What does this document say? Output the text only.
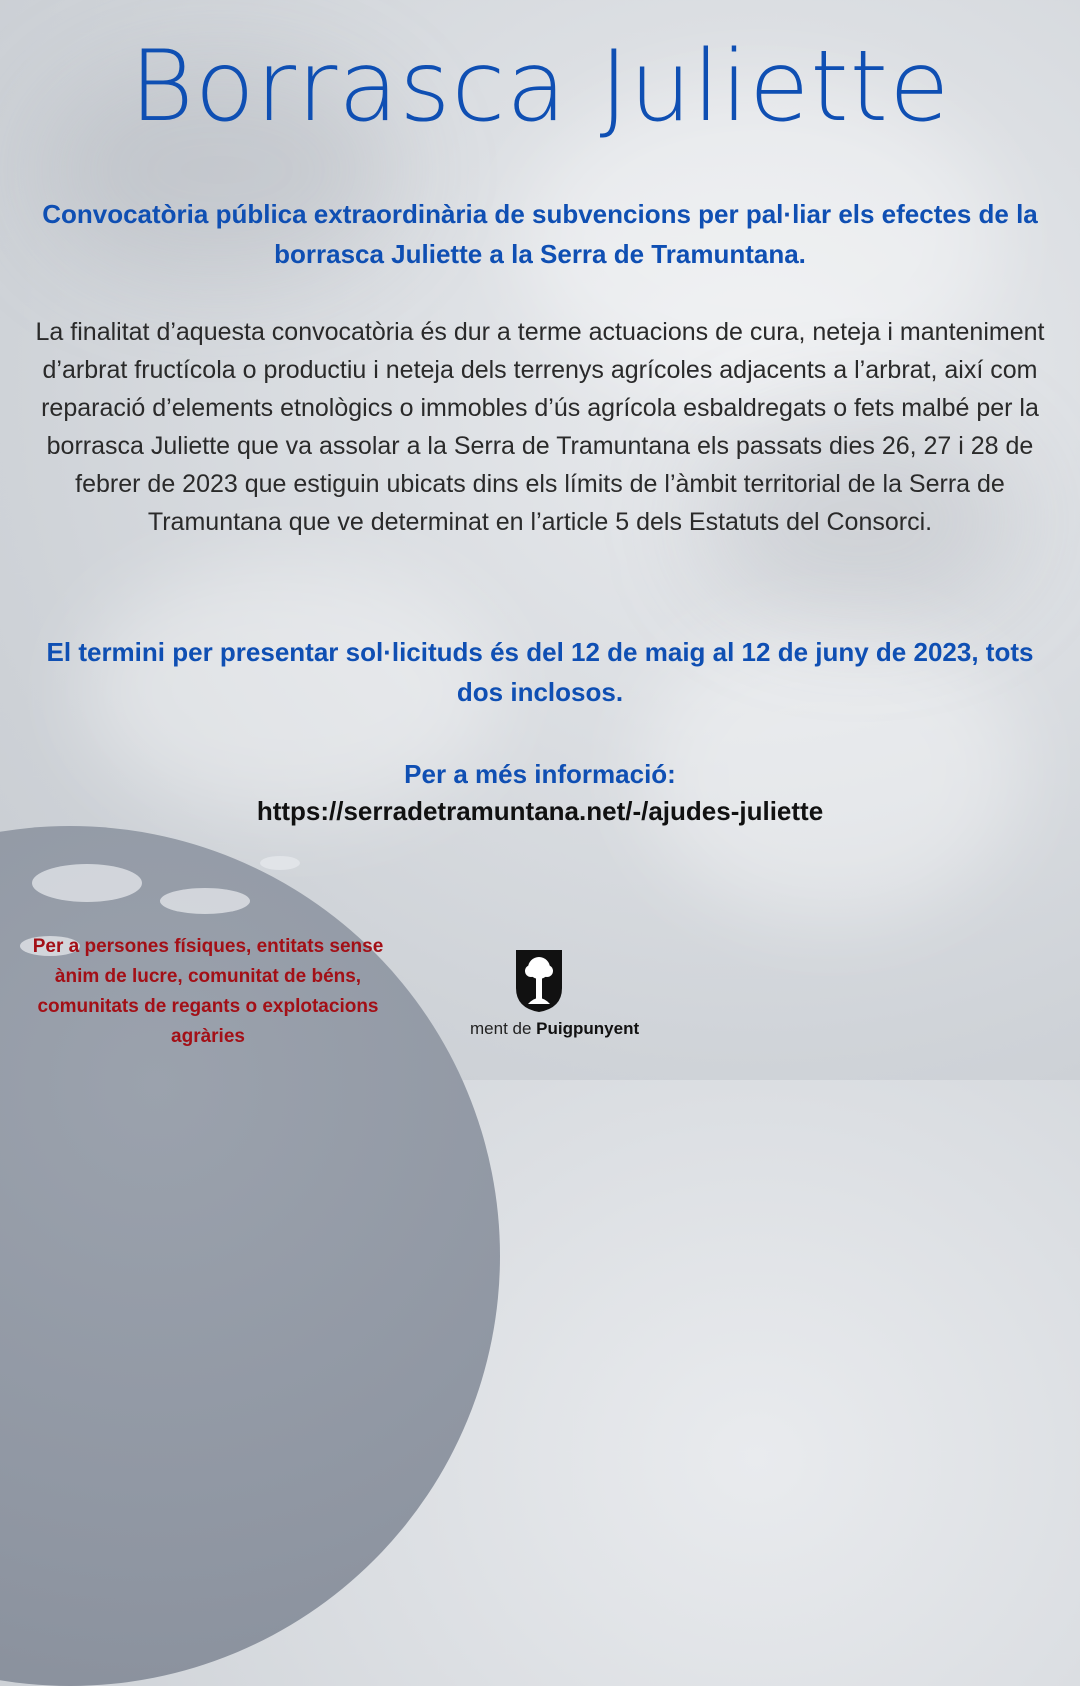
Borrasca Juliette
Convocatòria pública extraordinària de subvencions per pal·liar els efectes de la borrasca Juliette a la Serra de Tramuntana.
La finalitat d’aquesta convocatòria és dur a terme actuacions de cura, neteja i manteniment d’arbrat fructícola o productiu i neteja dels terrenys agrícoles adjacents a l’arbrat, així com reparació d’elements etnològics o immobles d’ús agrícola esbaldregats o fets malbé per la borrasca Juliette que va assolar a la Serra de Tramuntana els passats dies 26, 27 i 28 de febrer de 2023 que estiguin ubicats dins els límits de l’àmbit territorial de la Serra de Tramuntana que ve determinat en l’article 5 dels Estatuts del Consorci.
El termini per presentar sol·licituds és del 12 de maig al 12 de juny de 2023, tots dos inclosos.
Per a més informació:
https://serradetramuntana.net/-/ajudes-juliette
Per a persones físiques, entitats sense ànim de lucre, comunitat de béns, comunitats de regants o explotacions agràries	ment de Puigpunyent
